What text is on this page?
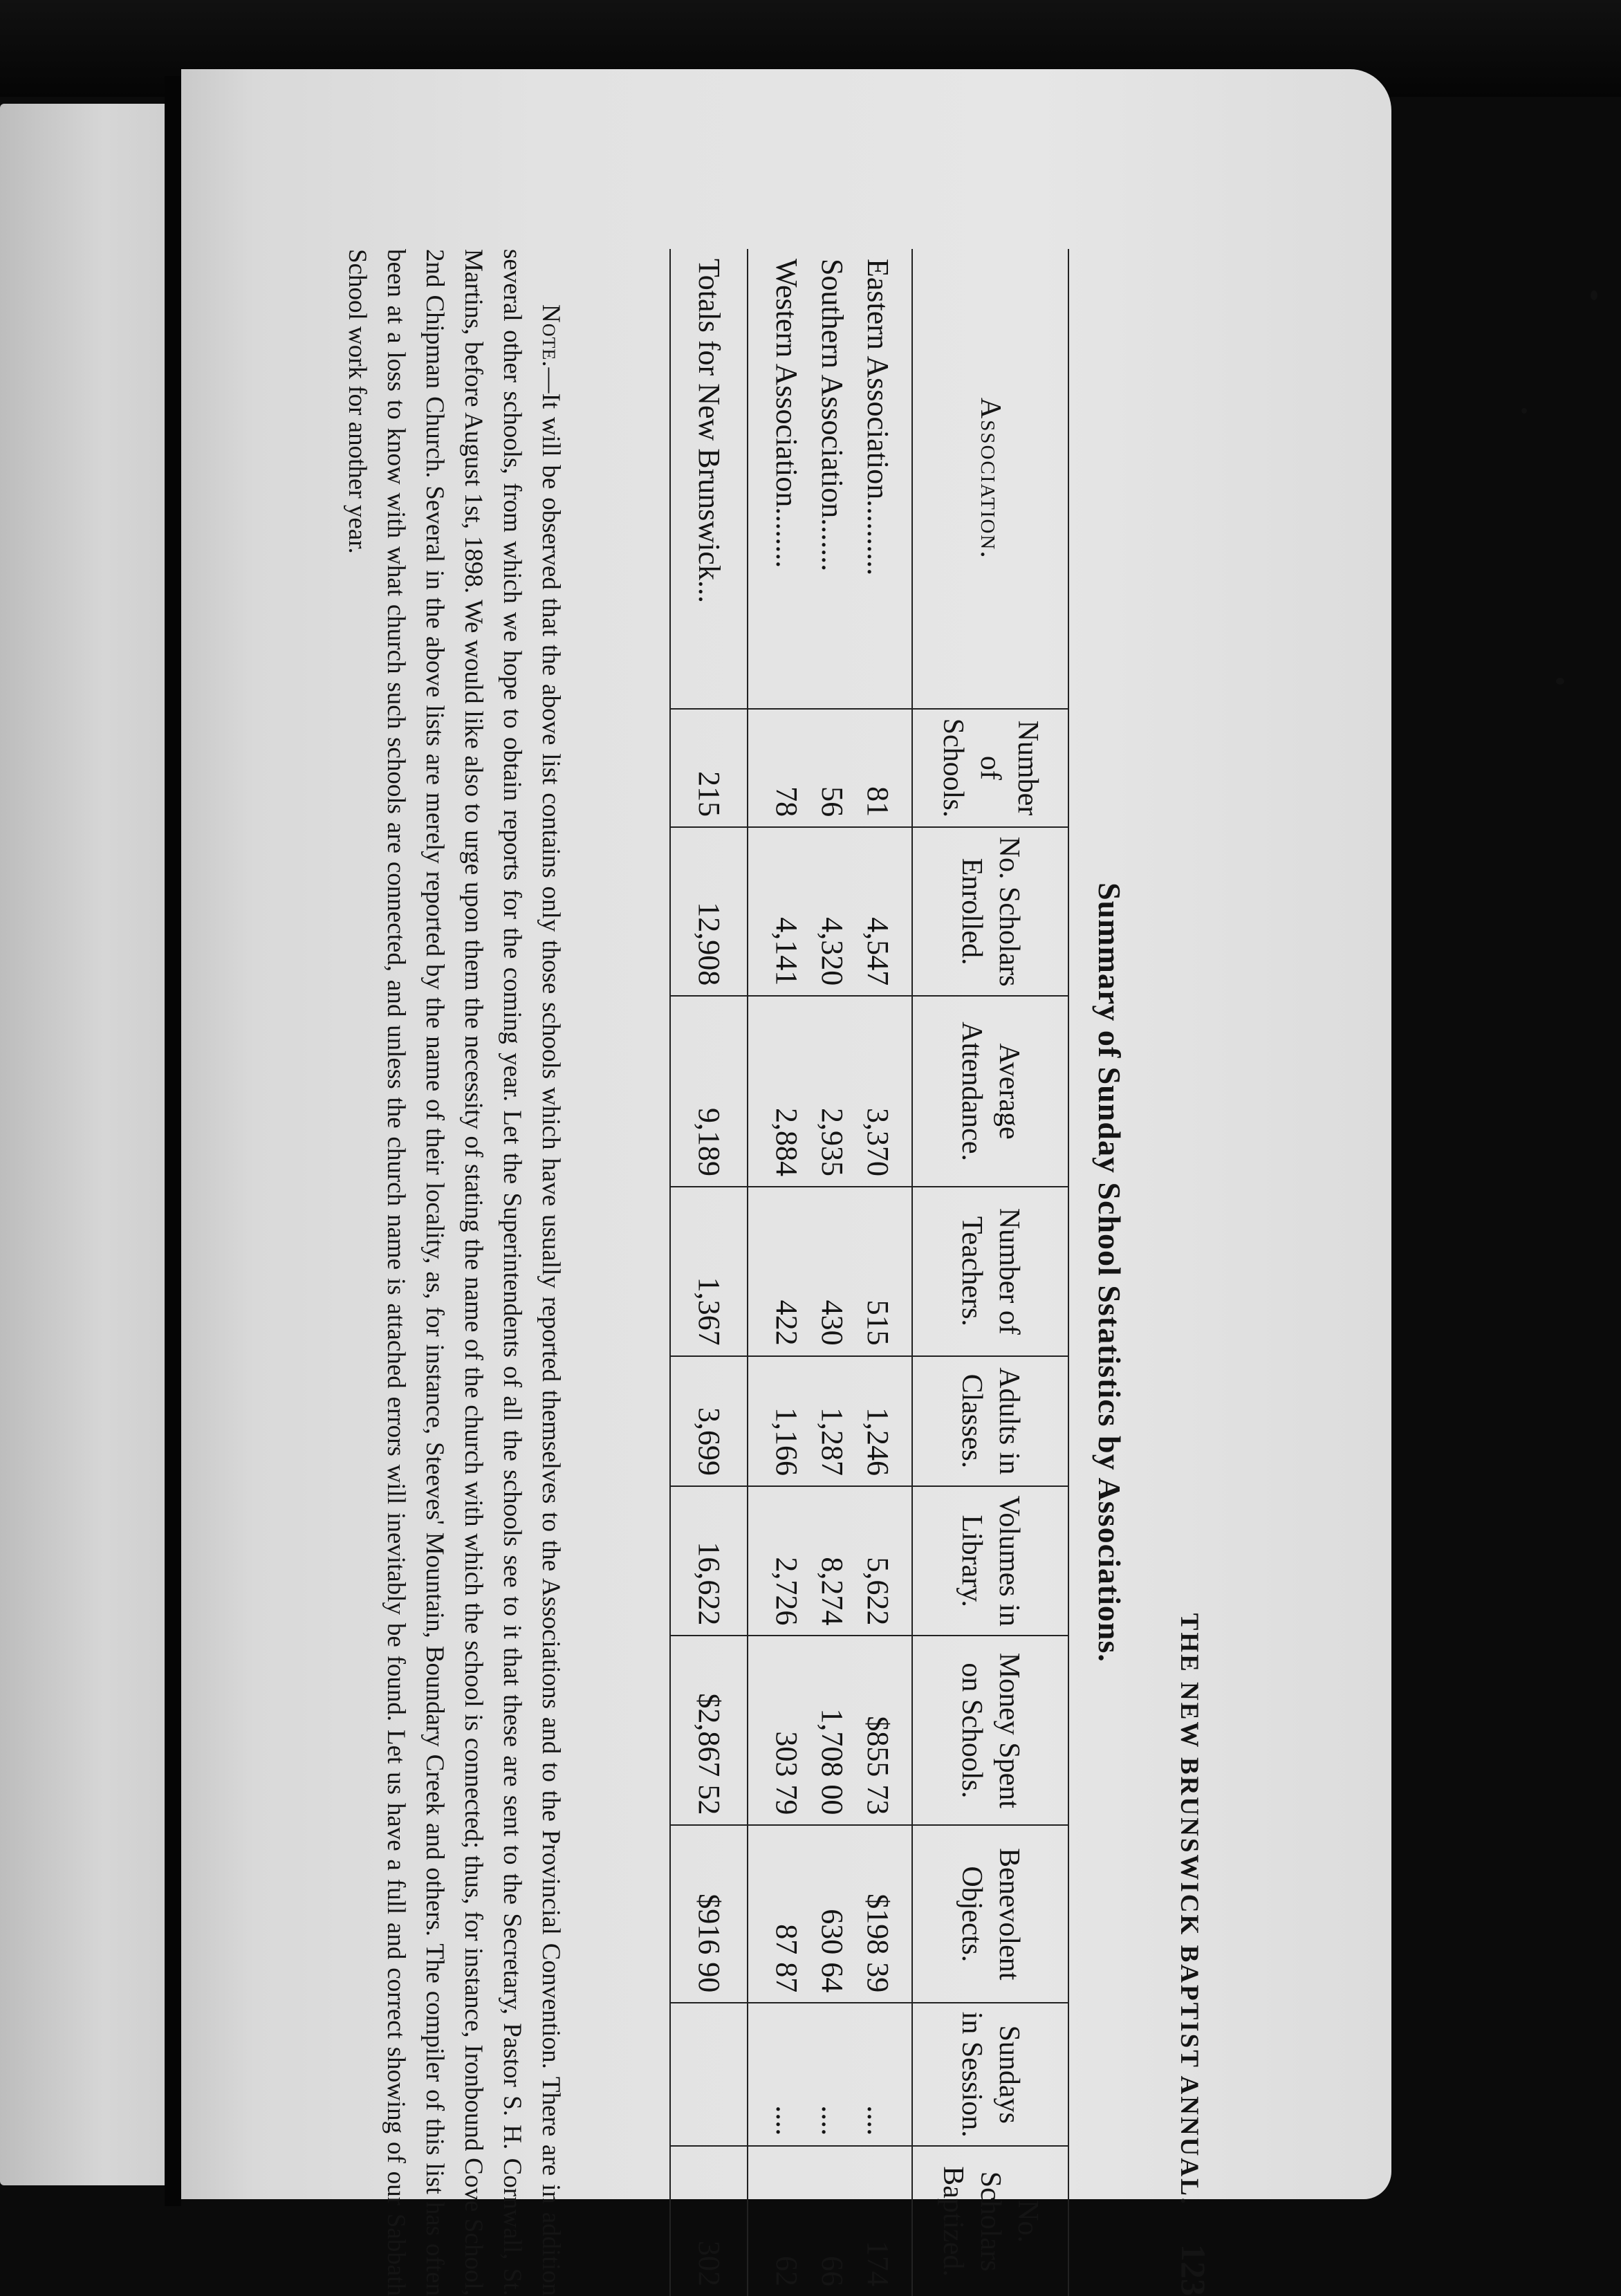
THE NEW BRUNSWICK BAPTIST ANNUAL.
123
Summary of Sunday School Sstatistics by Associations.
Association.	Number of Schools.	No. Scholars Enrolled.	Average Attendance.	Number of Teachers.	Adults in Classes.	Volumes in Library.	Money Spent on Schools.	Benevolent Objects.	Sundays in Session.	No. Scholars Baptized.
Eastern Association..........	81	4,547	3,370	515	1,246	5,622	$855 73	$198 39	....	174
Southern Association.......	56	4,320	2,935	430	1,287	8,274	1,708 00	630 64	....	66
Western Association........	78	4,141	2,884	422	1,166	2,726	303 79	87 87	....	62
Totals for New Brunswick...	215	12,908	9,189	1,367	3,699	16,622	$2,867 52	$916 90		302

Note.—It will be observed that the above list contains only those schools which have usually reported themselves to the Associations and to the Provincial Convention. There are in addition several other schools, from which we hope to obtain reports for the coming year. Let the Superintendents of all the schools see to it that these are sent to the Secretary, Pastor S. H. Cornwall, St. Martins, before August 1st, 1898. We would like also to urge upon them the necessity of stating the name of the church with which the school is connected; thus, for instance, Ironbound Cove School, 2nd Chipman Church. Several in the above lists are merely reported by the name of their locality, as, for instance, Steeves' Mountain, Boundary Creek and others. The compiler of this list has often been at a loss to know with what church such schools are connected, and unless the church name is attached errors will inevitably be found. Let us have a full and correct showing of our Sabbath School work for another year.
